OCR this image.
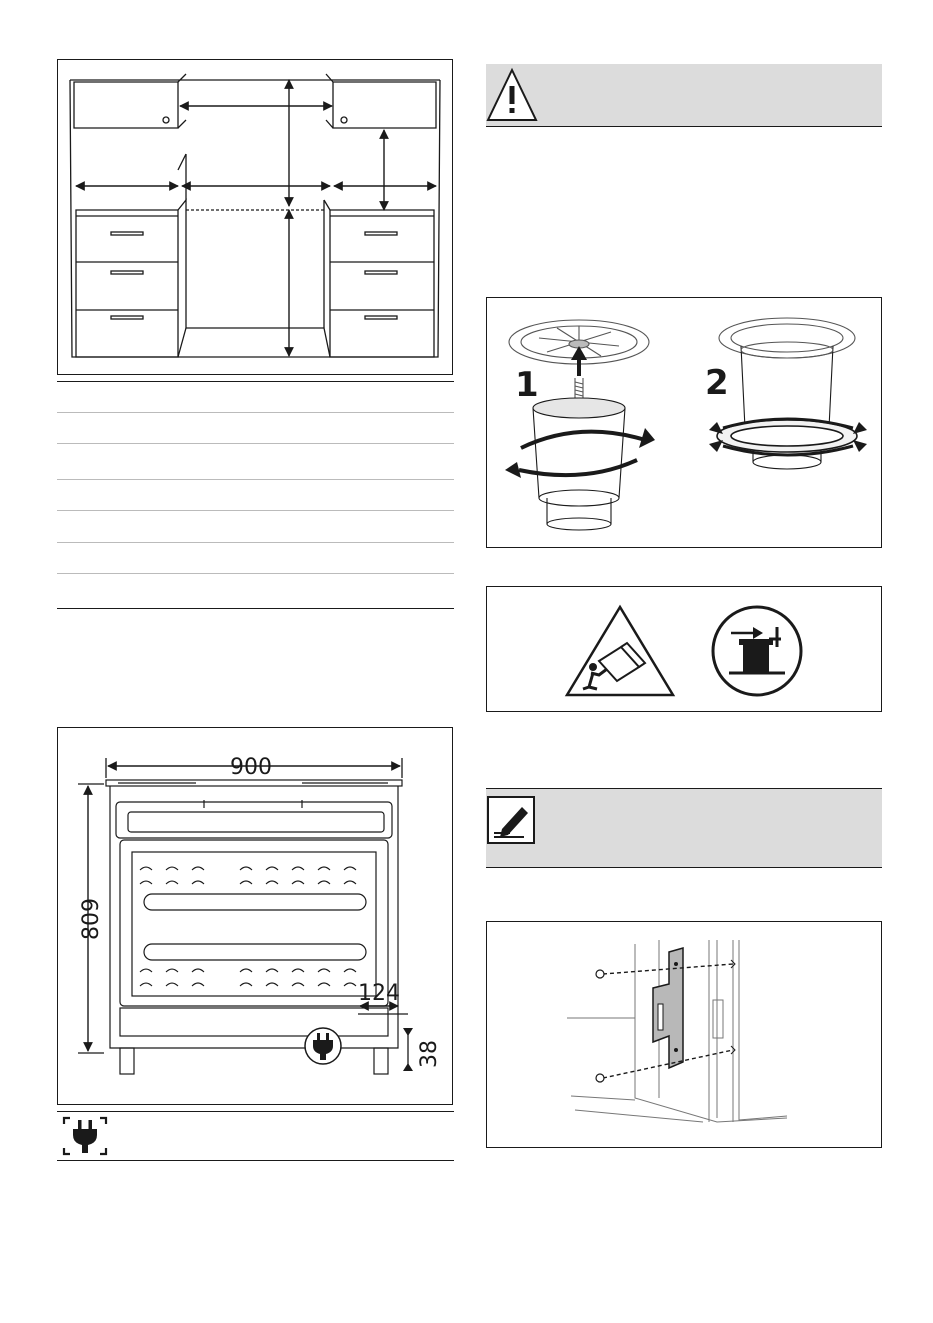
900
809
124
38
1	2
